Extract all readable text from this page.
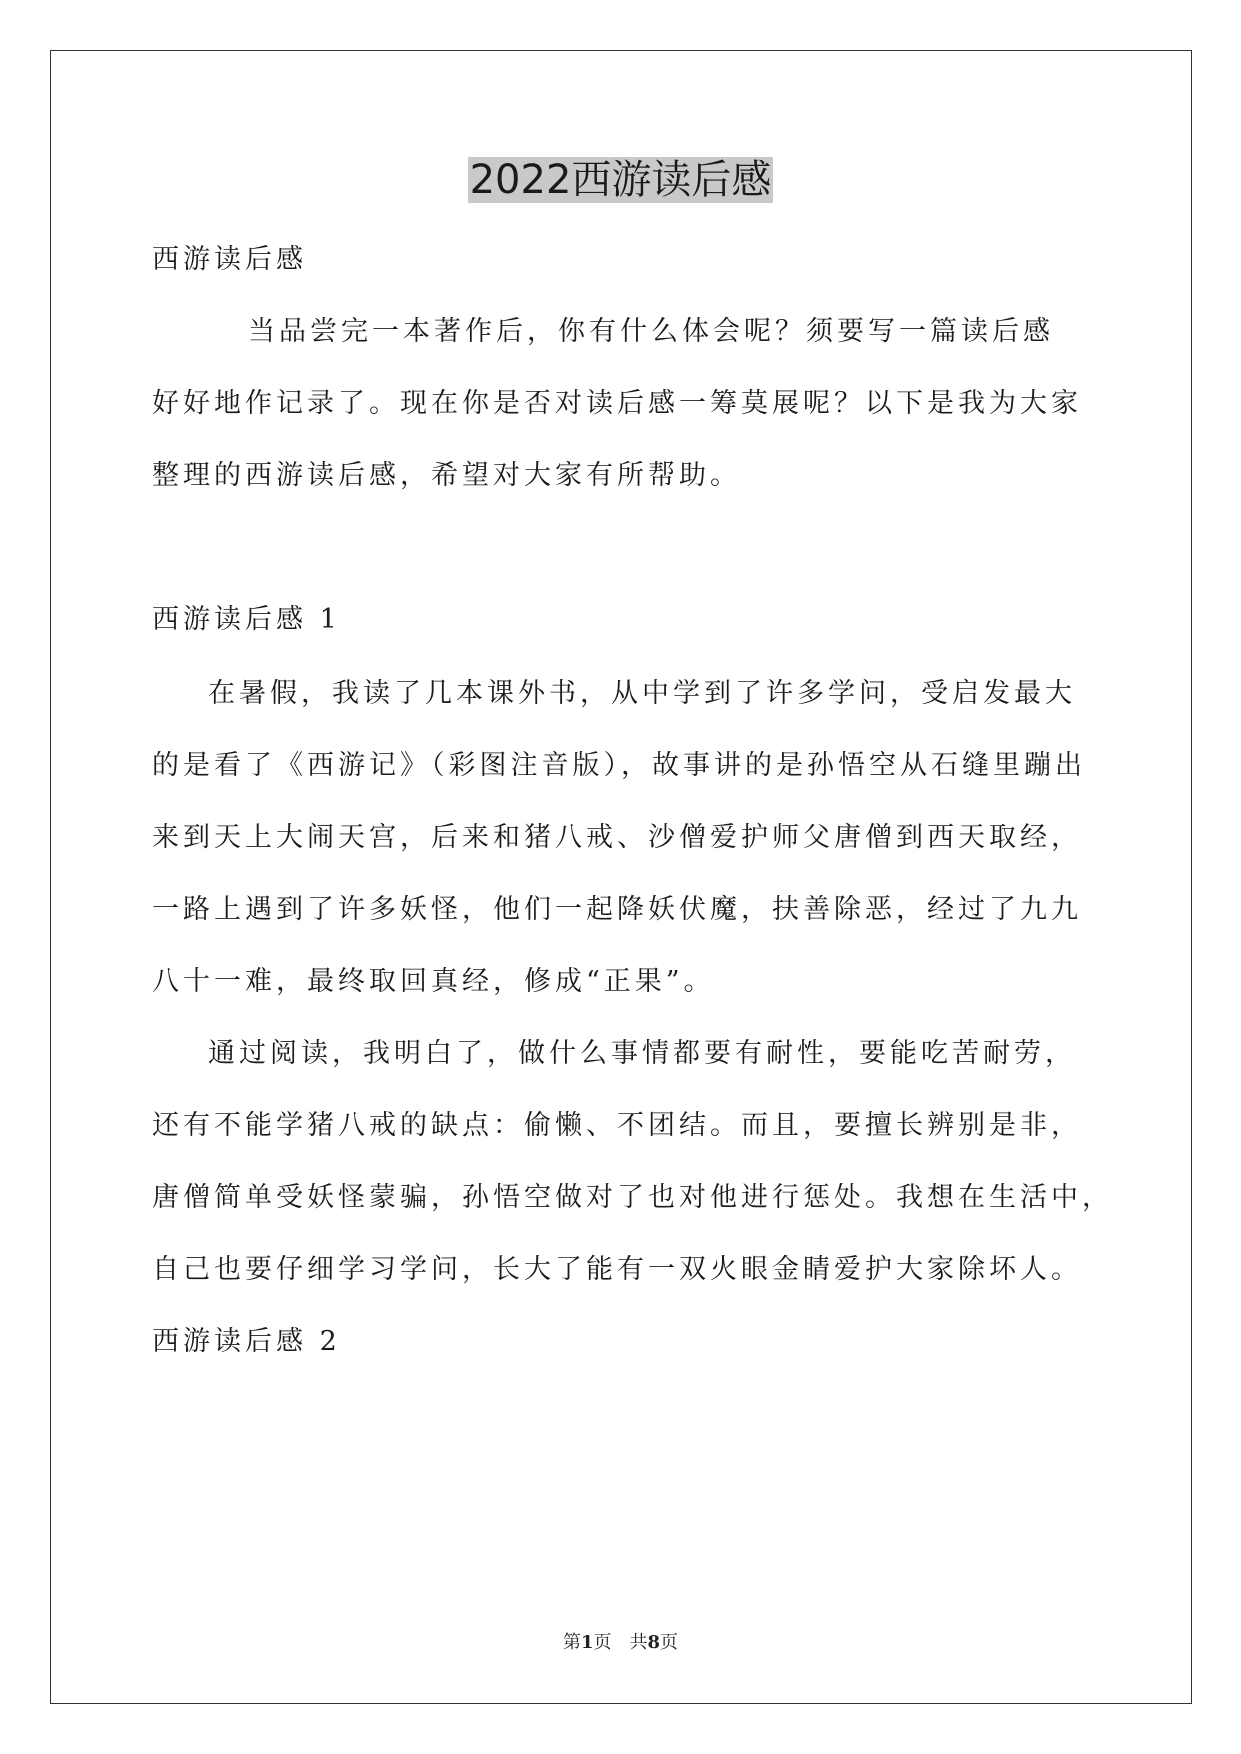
2022西游读后感
西游读后感
当品尝完一本著作后，你有什么体会呢？须要写一篇读后感
好好地作记录了。现在你是否对读后感一筹莫展呢？以下是我为大家
整理的西游读后感，希望对大家有所帮助。
西游读后感 1
在暑假，我读了几本课外书，从中学到了许多学问，受启发最大
的是看了《西游记》（彩图注音版），故事讲的是孙悟空从石缝里蹦出
来到天上大闹天宫，后来和猪八戒、沙僧爱护师父唐僧到西天取经，
一路上遇到了许多妖怪，他们一起降妖伏魔，扶善除恶，经过了九九
八十一难，最终取回真经，修成“正果”。
通过阅读，我明白了，做什么事情都要有耐性，要能吃苦耐劳，
还有不能学猪八戒的缺点：偷懒、不团结。而且，要擅长辨别是非，
唐僧简单受妖怪蒙骗，孙悟空做对了也对他进行惩处。我想在生活中，
自己也要仔细学习学问，长大了能有一双火眼金睛爱护大家除坏人。
西游读后感 2
第1页　共8页
